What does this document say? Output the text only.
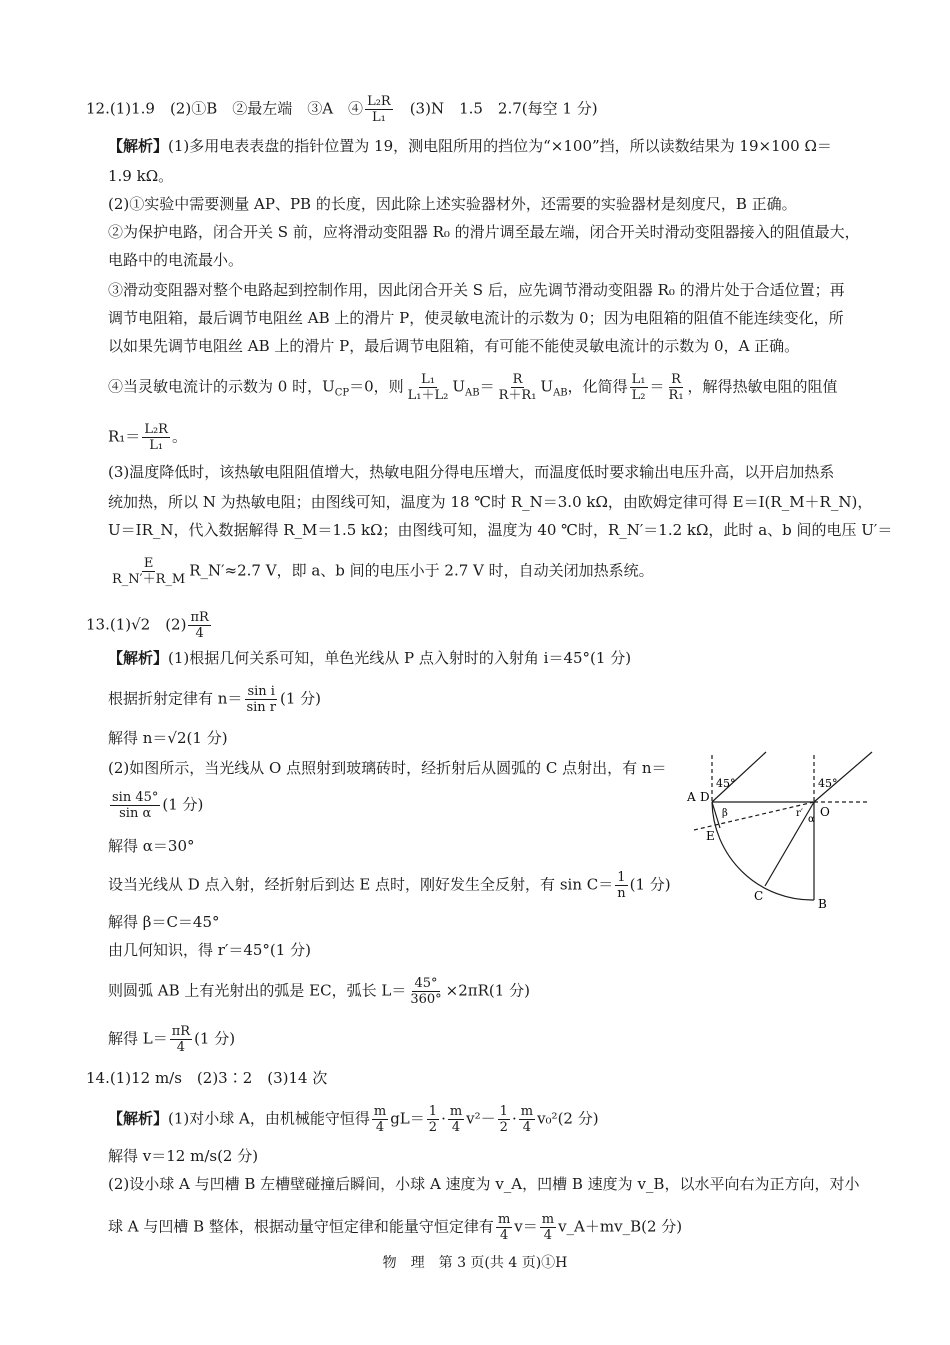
12.(1)1.9　(2)①B　②最左端　③A　④ $\frac{\text{L₂R}}{\text{L₁}}$ 　(3)N　1.5　2.7(每空 1 分)
【解析】(1)多用电表表盘的指针位置为 19，测电阻所用的挡位为“×100”挡，所以读数结果为 19×100 Ω＝
1.9 kΩ。
(2)①实验中需要测量 AP、PB 的长度，因此除上述实验器材外，还需要的实验器材是刻度尺，B 正确。
②为保护电路，闭合开关 S 前，应将滑动变阻器 R₀ 的滑片调至最左端，闭合开关时滑动变阻器接入的阻值最大，
电路中的电流最小。
③滑动变阻器对整个电路起到控制作用，因此闭合开关 S 后，应先调节滑动变阻器 R₀ 的滑片处于合适位置；再
调节电阻箱，最后调节电阻丝 AB 上的滑片 P，使灵敏电流计的示数为 0；因为电阻箱的阻值不能连续变化，所
以如果先调节电阻丝 AB 上的滑片 P，最后调节电阻箱，有可能不能使灵敏电流计的示数为 0，A 正确。
④当灵敏电流计的示数为 0 时，$U_{CP}=0$，则 $\frac{\text{L₁}}{\text{L₁＋L₂}} U_{AB}= \frac{R}{\text{R＋R₁}} U_{AB}$，化简得 $\frac{\text{L₁}}{\text{L₂}} = \frac{R}{\text{R₁}}$ ，解得热敏电阻的阻值
$R_1= \frac{\text{L₂R}}{\text{L₁}}$ 。
(3)温度降低时，该热敏电阻阻值增大，热敏电阻分得电压增大，而温度低时要求输出电压升高，以开启加热系
统加热，所以 N 为热敏电阻；由图线可知，温度为 18 ℃时 R_N＝3.0 kΩ，由欧姆定律可得 E＝I(R_M＋R_N)，
U＝IR_N，代入数据解得 R_M＝1.5 kΩ；由图线可知，温度为 40 ℃时，R_N′＝1.2 kΩ，此时 a、b 间的电压 U′＝
$\frac{E}{R\_N'+R\_M}$ R_N′≈2.7 V，即 a、b 间的电压小于 2.7 V 时，自动关闭加热系统。
13.(1)√2　$(2) \frac{\pi R}{4}$
【解析】(1)根据几何关系可知，单色光线从 P 点入射时的入射角 i＝45°(1 分)
根据折射定律有 $n= \frac{\text{sin i}}{\text{sin r}} (1$ 分)
解得 n＝√2(1 分)
(2)如图所示，当光线从 O 点照射到玻璃砖时，经折射后从圆弧的 C 点射出，有 n＝
$\frac{\sin 45^\circ}{\text{sin α}} (1$ 分)
解得 α＝30°
设当光线从 D 点入射，经折射后到达 E 点时，刚好发生全反射，有 $\sin C= \frac{1}{n} (1$ 分)
解得 β＝C＝45°
由几何知识，得 r′＝45°(1 分)
则圆弧 AB 上有光射出的弧是 EC，弧长 $L= \frac{45^\circ}{360^\circ} \times 2\pi R(1$ 分)
解得 $L= \frac{\pi R}{4} (1$ 分)
A D
45°	45°
O
α
r′
β
E
C
B
14.(1)12 m/s　(2)3∶2　(3)14 次
【解析】(1)对小球 A，由机械能守恒得 $\frac{m}{4} gL= \frac{1}{2} \cdot \frac{m}{4} v^2- \frac{1}{2} \cdot \frac{m}{4} v_0^2(2$ 分)
解得 v＝12 m/s(2 分)
(2)设小球 A 与凹槽 B 左槽壁碰撞后瞬间，小球 A 速度为 v_A，凹槽 B 速度为 v_B，以水平向右为正方向，对小
球 A 与凹槽 B 整体，根据动量守恒定律和能量守恒定律有 $\frac{m}{4} v= \frac{m}{4}$ v_A＋mv_B(2 分)
物　理　第 3 页(共 4 页)①H
